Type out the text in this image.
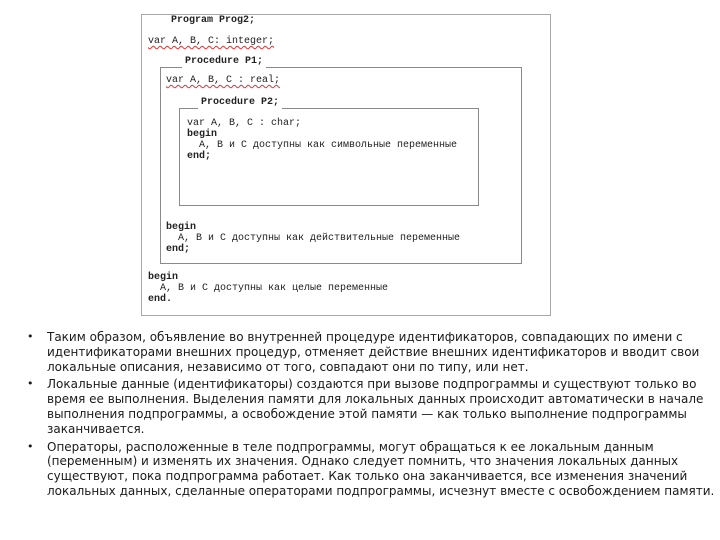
Program Prog2;
var A, B, C: integer;
Procedure P1;
var A, B, C : real;
Procedure P2;
var A, B, C : char;
begin
A, B и C доступны как символьные переменные
end;
begin
A, B и C доступны как действительные переменные
end;
begin
A, B и C доступны как целые переменные
end.
• Таким образом, объявление во внутренней процедуре идентификаторов, совпадающих по имени с идентификаторами внешних процедур, отменяет действие внешних идентификаторов и вводит свои локальные описания, независимо от того, совпадают они по типу, или нет.
• Локальные данные (идентификаторы) создаются при вызове подпрограммы и существуют только во время ее выполнения. Выделения памяти для локальных данных происходит автоматически в начале выполнения подпрограммы, а освобождение этой памяти — как только выполнение подпрограммы заканчивается.
• Операторы, расположенные в теле подпрограммы, могут обращаться к ее локальным данным (переменным) и изменять их значения. Однако следует помнить, что значения локальных данных существуют, пока подпрограмма работает. Как только она заканчивается, все изменения значений локальных данных, сделанные операторами подпрограммы, исчезнут вместе с освобождением памяти.
